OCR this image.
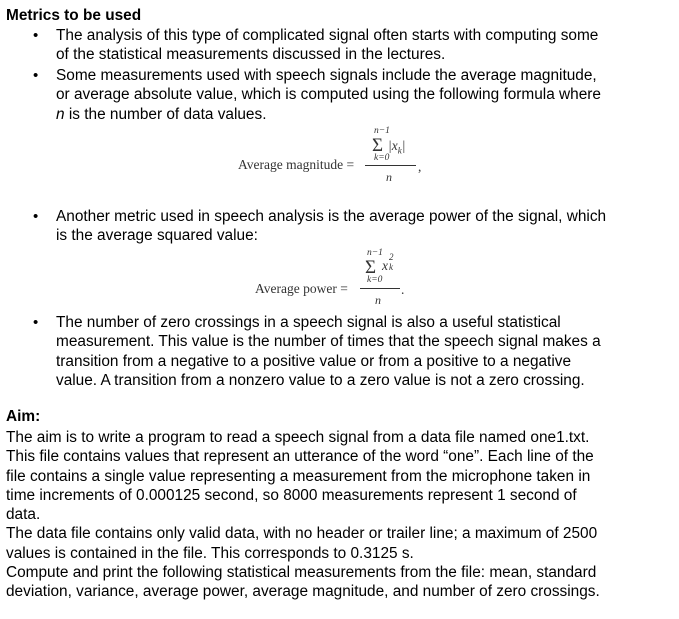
Metrics to be used
• The analysis of this type of complicated signal often starts with computing some
of the statistical measurements discussed in the lectures.
• Some measurements used with speech signals include the average magnitude,
or average absolute value, which is computed using the following formula where
n is the number of data values.
Average magnitude =
n−1
Σ $|x_k|$
k=0
n
,
• Another metric used in speech analysis is the average power of the signal, which
is the average squared value:
Average power =
n−1
Σ x
2
k
k=0
n
.
• The number of zero crossings in a speech signal is also a useful statistical
measurement. This value is the number of times that the speech signal makes a
transition from a negative to a positive value or from a positive to a negative
value. A transition from a nonzero value to a zero value is not a zero crossing.
Aim:
The aim is to write a program to read a speech signal from a data file named one1.txt.
This file contains values that represent an utterance of the word “one”. Each line of the
file contains a single value representing a measurement from the microphone taken in
time increments of 0.000125 second, so 8000 measurements represent 1 second of
data.
The data file contains only valid data, with no header or trailer line; a maximum of 2500
values is contained in the file. This corresponds to 0.3125 s.
Compute and print the following statistical measurements from the file: mean, standard
deviation, variance, average power, average magnitude, and number of zero crossings.
